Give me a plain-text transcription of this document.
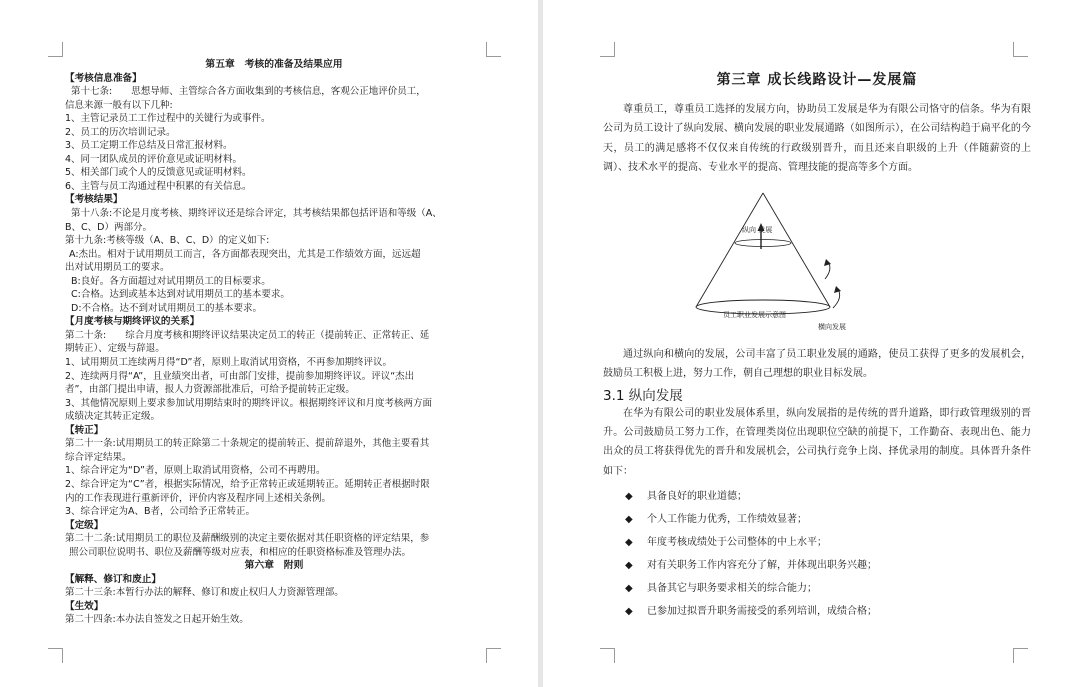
第五章　考核的准备及结果应用
【考核信息准备】

第十七条:　　思想导师、主管综合各方面收集到的考核信息，客观公正地评价员工，

信息来源一般有以下几种:

1、主管记录员工工作过程中的关键行为或事件。

2、员工的历次培训记录。

3、员工定期工作总结及日常汇报材料。

4、同一团队成员的评价意见或证明材料。

5、相关部门或个人的反馈意见或证明材料。

6、主管与员工沟通过程中积累的有关信息。

【考核结果】

第十八条:不论是月度考核、期终评议还是综合评定，其考核结果都包括评语和等级（A、

B、C、D）两部分。

第十九条:考核等级（A、B、C、D）的定义如下:

A:杰出。相对于试用期员工而言，各方面都表现突出，尤其是工作绩效方面，远远超

出对试用期员工的要求。

B:良好。各方面超过对试用期员工的目标要求。

C:合格。达到或基本达到对试用期员工的基本要求。

D:不合格。达不到对试用期员工的基本要求。

【月度考核与期终评议的关系】

第二十条:　　综合月度考核和期终评议结果决定员工的转正（提前转正、正常转正、延

期转正）、定级与辞退。

1、试用期员工连续两月得“D”者，原则上取消试用资格，不再参加期终评议。

2、连续两月得“A”，且业绩突出者，可由部门安排，提前参加期终评议。评议“杰出

者”，由部门提出申请，报人力资源部批准后，可给予提前转正定级。

3、其他情况原则上要求参加试用期结束时的期终评议。根据期终评议和月度考核两方面

成绩决定其转正定级。

【转正】

第二十一条:试用期员工的转正除第二十条规定的提前转正、提前辞退外，其他主要看其

综合评定结果。

1、综合评定为“D”者，原则上取消试用资格，公司不再聘用。

2、综合评定为“C”者，根据实际情况，给予正常转正或延期转正。延期转正者根据时限

内的工作表现进行重新评价，评价内容及程序同上述相关条例。

3、综合评定为A、B者，公司给予正常转正。

【定级】

第二十二条:试用期员工的职位及薪酬级别的决定主要依据对其任职资格的评定结果，参

照公司职位说明书、职位及薪酬等级对应表，和相应的任职资格标准及管理办法。

第六章　附则
【解释、修订和废止】

第二十三条:本暂行办法的解释、修订和废止权归人力资源管理部。

【生效】

第二十四条:本办法自签发之日起开始生效。

第三章 成长线路设计—发展篇

尊重员工，尊重员工选择的发展方向，协助员工发展是华为有限公司恪守的信条。华为有限公司为员工设计了纵向发展、横向发展的职业发展通路（如图所示），在公司结构趋于扁平化的今天，员工的满足感将不仅仅来自传统的行政级别晋升，而且还来自职级的上升（伴随薪资的上调）、技术水平的提高、专业水平的提高、管理技能的提高等多个方面。

纵向 发展
员工职业发展示意图
横向发展

通过纵向和横向的发展，公司丰富了员工职业发展的通路，使员工获得了更多的发展机会，鼓励员工积极上进，努力工作，朝自己理想的职业目标发展。

3.1 纵向发展

在华为有限公司的职业发展体系里，纵向发展指的是传统的晋升道路，即行政管理级别的晋升。公司鼓励员工努力工作，在管理类岗位出现职位空缺的前提下，工作勤奋、表现出色、能力出众的员工将获得优先的晋升和发展机会，公司执行竞争上岗、择优录用的制度。具体晋升条件如下：

◆ 具备良好的职业道德；
◆ 个人工作能力优秀，工作绩效显著；
◆ 年度考核成绩处于公司整体的中上水平；
◆ 对有关职务工作内容充分了解，并体现出职务兴趣；
◆ 具备其它与职务要求相关的综合能力；
◆ 已参加过拟晋升职务需接受的系列培训，成绩合格；
